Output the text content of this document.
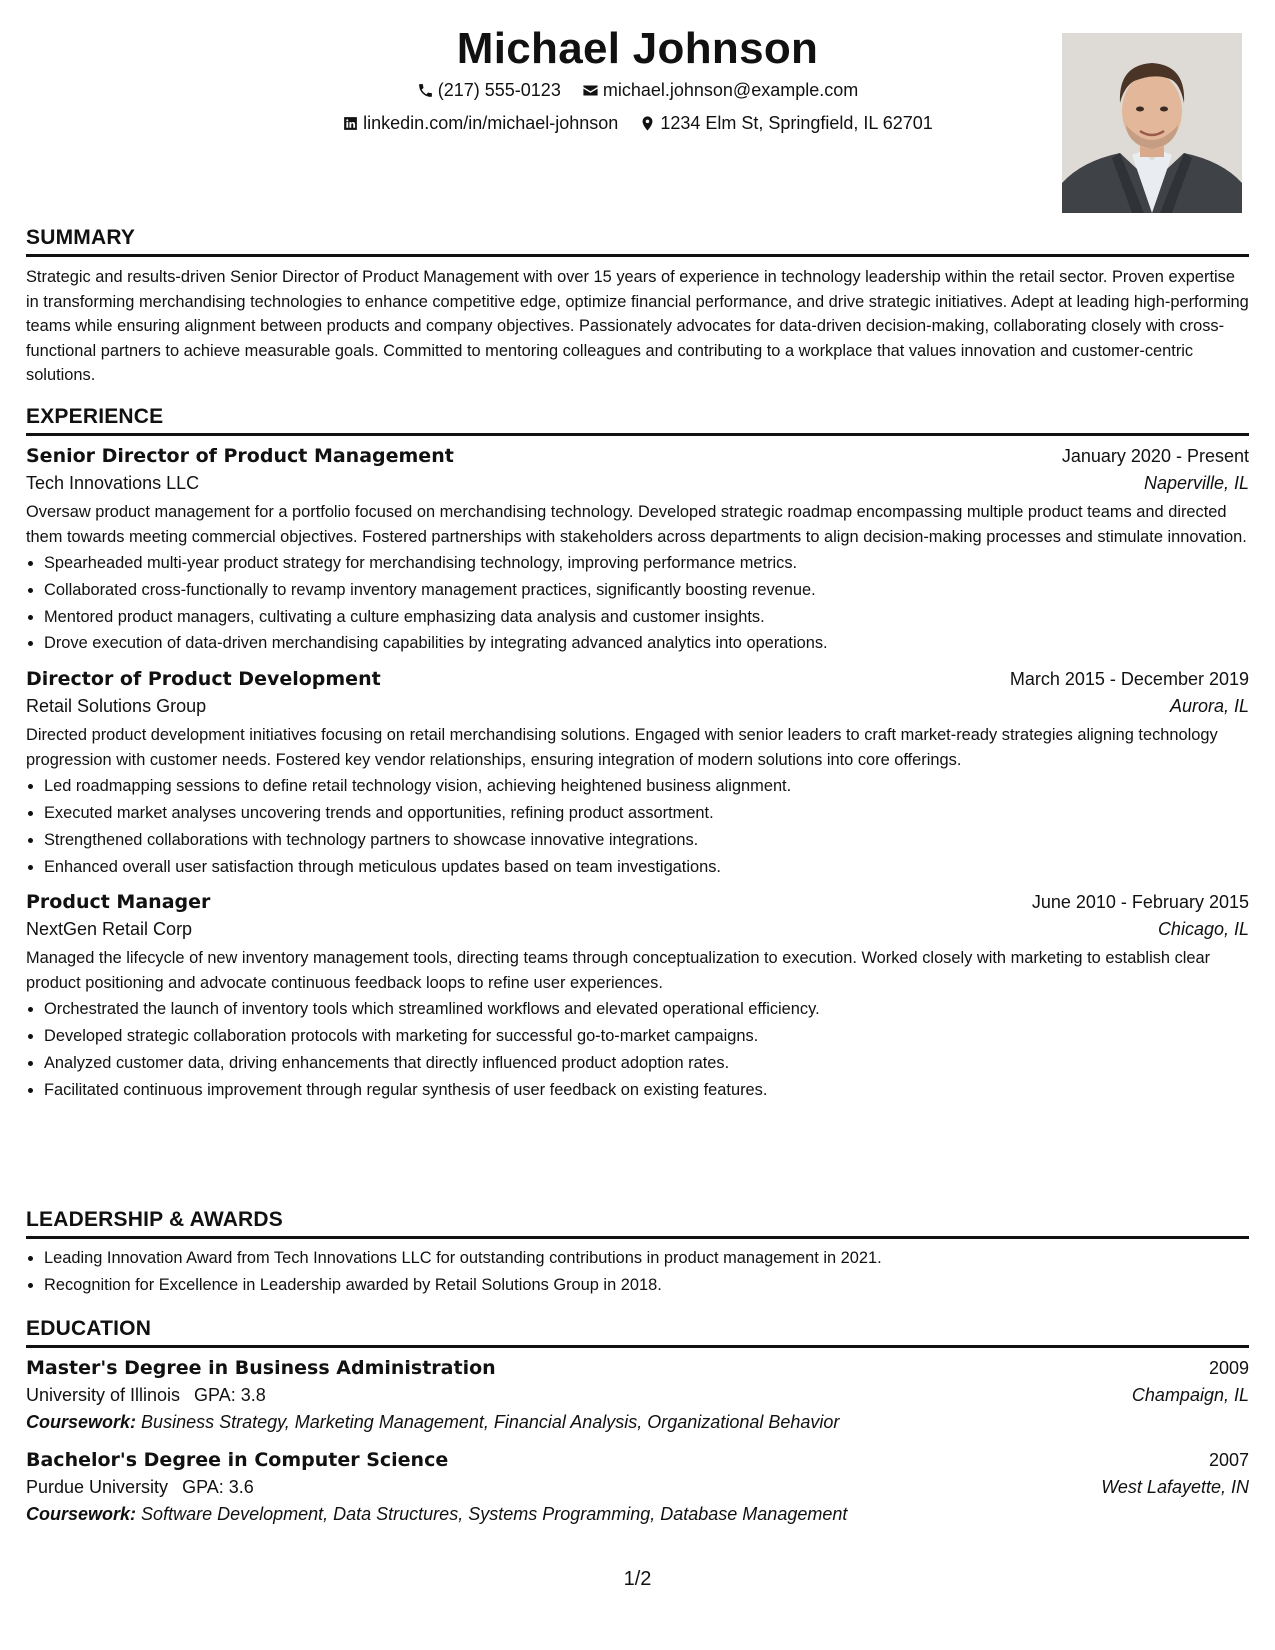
Michael Johnson
(217) 555-0123
michael.johnson@example.com
linkedin.com/in/michael-johnson
1234 Elm St, Springfield, IL 62701
SUMMARY
Strategic and results-driven Senior Director of Product Management with over 15 years of experience in technology leadership within the retail sector. Proven expertise in transforming merchandising technologies to enhance competitive edge, optimize financial performance, and drive strategic initiatives. Adept at leading high-performing teams while ensuring alignment between products and company objectives. Passionately advocates for data-driven decision-making, collaborating closely with cross-functional partners to achieve measurable goals. Committed to mentoring colleagues and contributing to a workplace that values innovation and customer-centric solutions.
EXPERIENCE
Senior Director of Product Management	January 2020 - Present
Tech Innovations LLC	Naperville, IL
Oversaw product management for a portfolio focused on merchandising technology. Developed strategic roadmap encompassing multiple product teams and directed them towards meeting commercial objectives. Fostered partnerships with stakeholders across departments to align decision-making processes and stimulate innovation.
• Spearheaded multi-year product strategy for merchandising technology, improving performance metrics.
• Collaborated cross-functionally to revamp inventory management practices, significantly boosting revenue.
• Mentored product managers, cultivating a culture emphasizing data analysis and customer insights.
• Drove execution of data-driven merchandising capabilities by integrating advanced analytics into operations.
Director of Product Development	March 2015 - December 2019
Retail Solutions Group	Aurora, IL
Directed product development initiatives focusing on retail merchandising solutions. Engaged with senior leaders to craft market-ready strategies aligning technology progression with customer needs. Fostered key vendor relationships, ensuring integration of modern solutions into core offerings.
• Led roadmapping sessions to define retail technology vision, achieving heightened business alignment.
• Executed market analyses uncovering trends and opportunities, refining product assortment.
• Strengthened collaborations with technology partners to showcase innovative integrations.
• Enhanced overall user satisfaction through meticulous updates based on team investigations.
Product Manager	June 2010 - February 2015
NextGen Retail Corp	Chicago, IL
Managed the lifecycle of new inventory management tools, directing teams through conceptualization to execution. Worked closely with marketing to establish clear product positioning and advocate continuous feedback loops to refine user experiences.
• Orchestrated the launch of inventory tools which streamlined workflows and elevated operational efficiency.
• Developed strategic collaboration protocols with marketing for successful go-to-market campaigns.
• Analyzed customer data, driving enhancements that directly influenced product adoption rates.
• Facilitated continuous improvement through regular synthesis of user feedback on existing features.
LEADERSHIP & AWARDS
• Leading Innovation Award from Tech Innovations LLC for outstanding contributions in product management in 2021.
• Recognition for Excellence in Leadership awarded by Retail Solutions Group in 2018.
EDUCATION
Master's Degree in Business Administration	2009
University of Illinois GPA: 3.8	Champaign, IL
Coursework: Business Strategy, Marketing Management, Financial Analysis, Organizational Behavior
Bachelor's Degree in Computer Science	2007
Purdue University GPA: 3.6	West Lafayette, IN
Coursework: Software Development, Data Structures, Systems Programming, Database Management
1/2
